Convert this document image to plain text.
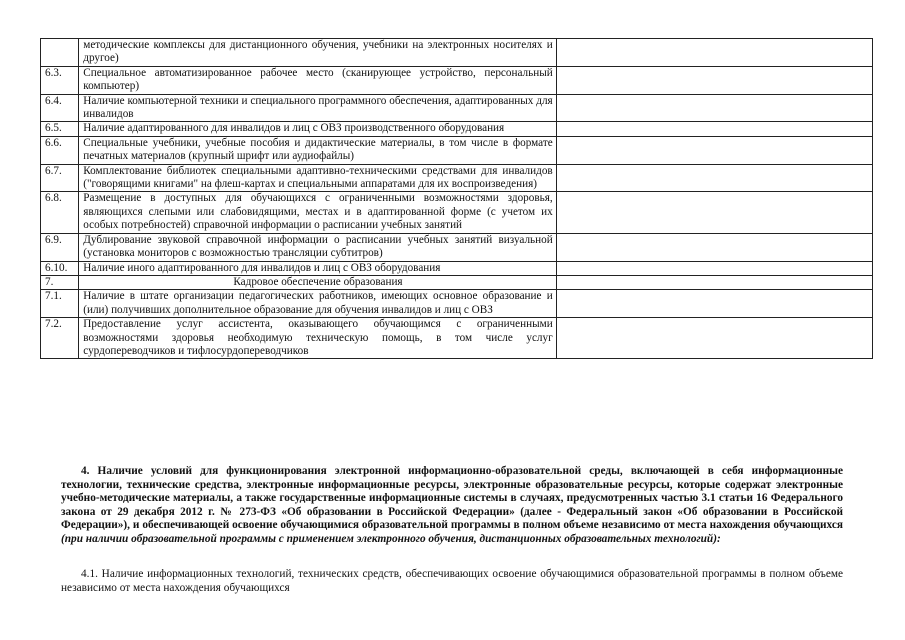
	методические комплексы для дистанционного обучения, учебники на электронных носителях и другое)	
6.3.	Специальное автоматизированное рабочее место (сканирующее устройство, персональный компьютер)	
6.4.	Наличие компьютерной техники и специального программного обеспечения, адаптированных для инвалидов	
6.5.	Наличие адаптированного для инвалидов и лиц с ОВЗ производственного оборудования	
6.6.	Специальные учебники, учебные пособия и дидактические материалы, в том числе в формате печатных материалов (крупный шрифт или аудиофайлы)	
6.7.	Комплектование библиотек специальными адаптивно-техническими средствами для инвалидов ("говорящими книгами" на флеш-картах и специальными аппаратами для их воспроизведения)	
6.8.	Размещение в доступных для обучающихся с ограниченными возможностями здоровья, являющихся слепыми или слабовидящими, местах и в адаптированной форме (с учетом их особых потребностей) справочной информации о расписании учебных занятий	
6.9.	Дублирование звуковой справочной информации о расписании учебных занятий визуальной (установка мониторов с возможностью трансляции субтитров)	
6.10.	Наличие иного адаптированного для инвалидов и лиц с ОВЗ оборудования	
7.	Кадровое обеспечение образования	
7.1.	Наличие в штате организации педагогических работников, имеющих основное образование и (или) получивших дополнительное образование для обучения инвалидов и лиц с ОВЗ	
7.2.	Предоставление услуг ассистента, оказывающего обучающимся с ограниченными возможностями здоровья необходимую техническую помощь, в том числе услуг сурдопереводчиков и тифлосурдопереводчиков	
4. Наличие условий для функционирования электронной информационно-образовательной среды, включающей в себя информационные технологии, технические средства, электронные информационные ресурсы, электронные образовательные ресурсы, которые содержат электронные учебно-методические материалы, а также государственные информационные системы в случаях, предусмотренных частью 3.1 статьи 16 Федерального закона от 29 декабря 2012 г. № 273-ФЗ «Об образовании в Российской Федерации» (далее - Федеральный закон «Об образовании в Российской Федерации»), и обеспечивающей освоение обучающимися образовательной программы в полном объеме независимо от места нахождения обучающихся (при наличии образовательной программы с применением электронного обучения, дистанционных образовательных технологий):
4.1. Наличие информационных технологий, технических средств, обеспечивающих освоение обучающимися образовательной программы в полном объеме независимо от места нахождения обучающихся
